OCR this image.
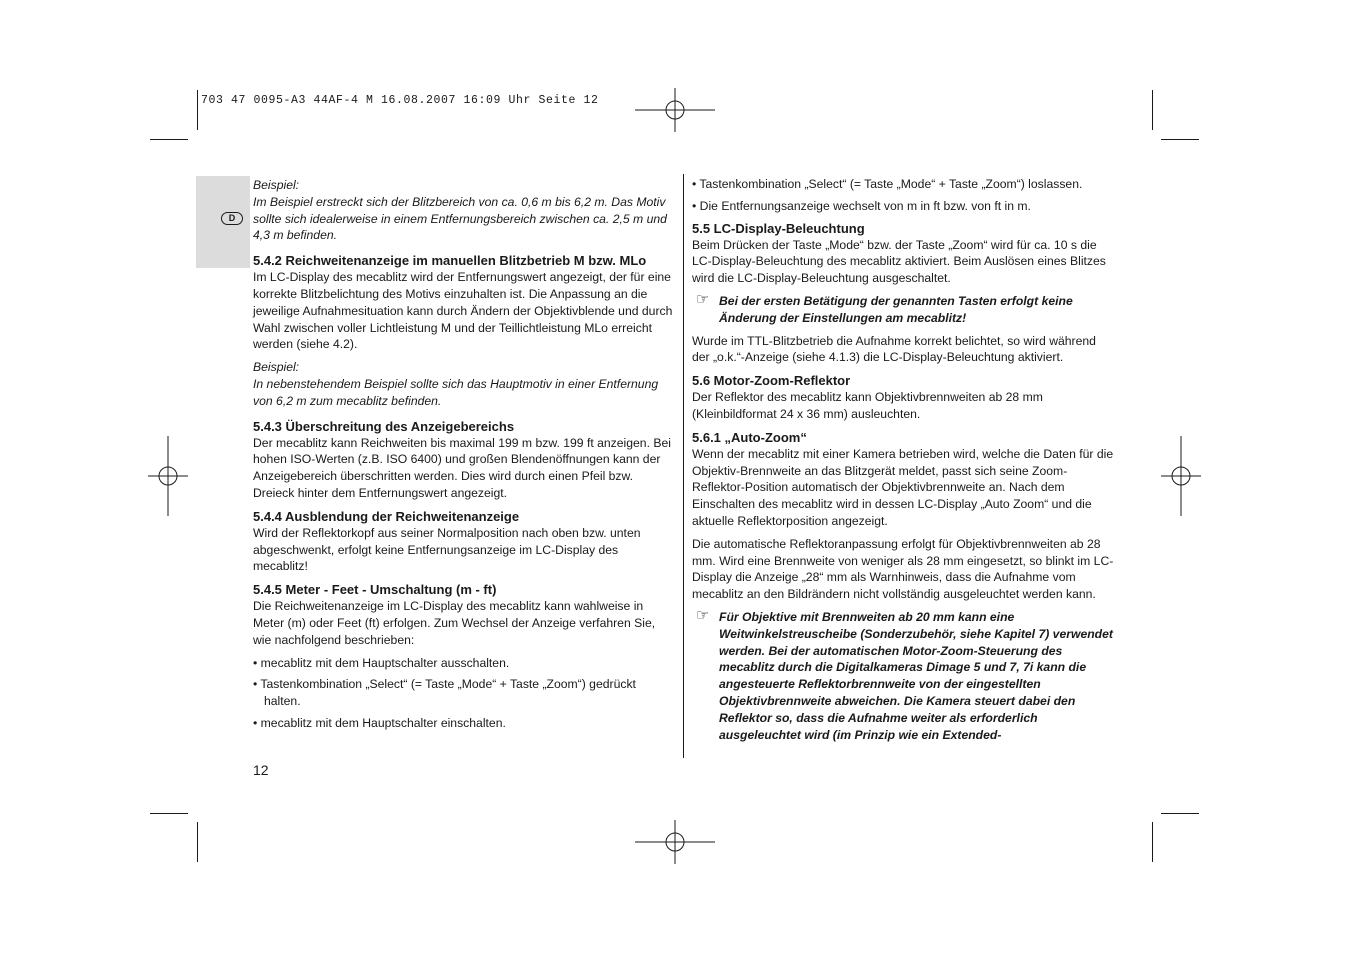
703 47 0095-A3 44AF-4 M 16.08.2007 16:09 Uhr Seite 12
D

Beispiel:

Im Beispiel erstreckt sich der Blitzbereich von ca. 0,6 m bis 6,2 m. Das Motiv sollte sich idealerweise in einem Entfernungsbereich zwischen ca. 2,5 m und 4,3 m befinden.

5.4.2 Reichweitenanzeige im manuellen Blitzbetrieb M bzw. MLo

Im LC-Display des mecablitz wird der Entfernungswert angezeigt, der für eine korrekte Blitzbelichtung des Motivs einzuhalten ist. Die Anpassung an die jeweilige Aufnahmesituation kann durch Ändern der Objektivblende und durch Wahl zwischen voller Lichtleistung M und der Teillichtleistung MLo erreicht werden (siehe 4.2).

Beispiel:

In nebenstehendem Beispiel sollte sich das Hauptmotiv in einer Entfernung von 6,2 m zum mecablitz befinden.

5.4.3 Überschreitung des Anzeigebereichs

Der mecablitz kann Reichweiten bis maximal 199 m bzw. 199 ft anzeigen. Bei hohen ISO-Werten (z.B. ISO 6400) und großen Blendenöffnungen kann der Anzeigebereich überschritten werden. Dies wird durch einen Pfeil bzw. Dreieck hinter dem Entfernungswert angezeigt.

5.4.4 Ausblendung der Reichweitenanzeige

Wird der Reflektorkopf aus seiner Normalposition nach oben bzw. unten abgeschwenkt, erfolgt keine Entfernungsanzeige im LC-Display des mecablitz!

5.4.5 Meter - Feet - Umschaltung (m - ft)

Die Reichweitenanzeige im LC-Display des mecablitz kann wahlweise in Meter (m) oder Feet (ft) erfolgen. Zum Wechsel der Anzeige verfahren Sie, wie nachfolgend beschrieben:

• mecablitz mit dem Hauptschalter ausschalten.

• Tastenkombination „Select“ (= Taste „Mode“ + Taste „Zoom“) gedrückt halten.

• mecablitz mit dem Hauptschalter einschalten.

• Tastenkombination „Select“ (= Taste „Mode“ + Taste „Zoom“) loslassen.

• Die Entfernungsanzeige wechselt von m in ft bzw. von ft in m.

5.5 LC-Display-Beleuchtung

Beim Drücken der Taste „Mode“ bzw. der Taste „Zoom“ wird für ca. 10 s die LC-Display-Beleuchtung des mecablitz aktiviert. Beim Auslösen eines Blitzes wird die LC-Display-Beleuchtung ausgeschaltet.

☞ Bei der ersten Betätigung der genannten Tasten erfolgt keine Änderung der Einstellungen am mecablitz!

Wurde im TTL-Blitzbetrieb die Aufnahme korrekt belichtet, so wird während der „o.k.“-Anzeige (siehe 4.1.3) die LC-Display-Beleuchtung aktiviert.

5.6 Motor-Zoom-Reflektor

Der Reflektor des mecablitz kann Objektivbrennweiten ab 28 mm (Kleinbildformat 24 x 36 mm) ausleuchten.

5.6.1 „Auto-Zoom“

Wenn der mecablitz mit einer Kamera betrieben wird, welche die Daten für die Objektiv-Brennweite an das Blitzgerät meldet, passt sich seine Zoom-Reflektor-Position automatisch der Objektivbrennweite an. Nach dem Einschalten des mecablitz wird in dessen LC-Display „Auto Zoom“ und die aktuelle Reflektorposition angezeigt.

Die automatische Reflektoranpassung erfolgt für Objektivbrennweiten ab 28 mm. Wird eine Brennweite von weniger als 28 mm eingesetzt, so blinkt im LC-Display die Anzeige „28“ mm als Warnhinweis, dass die Aufnahme vom mecablitz an den Bildrändern nicht vollständig ausgeleuchtet werden kann.

☞ Für Objektive mit Brennweiten ab 20 mm kann eine Weitwinkelstreuscheibe (Sonderzubehör, siehe Kapitel 7) verwendet werden. Bei der automatischen Motor-Zoom-Steuerung des mecablitz durch die Digitalkameras Dimage 5 und 7, 7i kann die angesteuerte Reflektorbrennweite von der eingestellten Objektivbrennweite abweichen. Die Kamera steuert dabei den Reflektor so, dass die Aufnahme weiter als erforderlich ausgeleuchtet wird (im Prinzip wie ein Extended-
12
